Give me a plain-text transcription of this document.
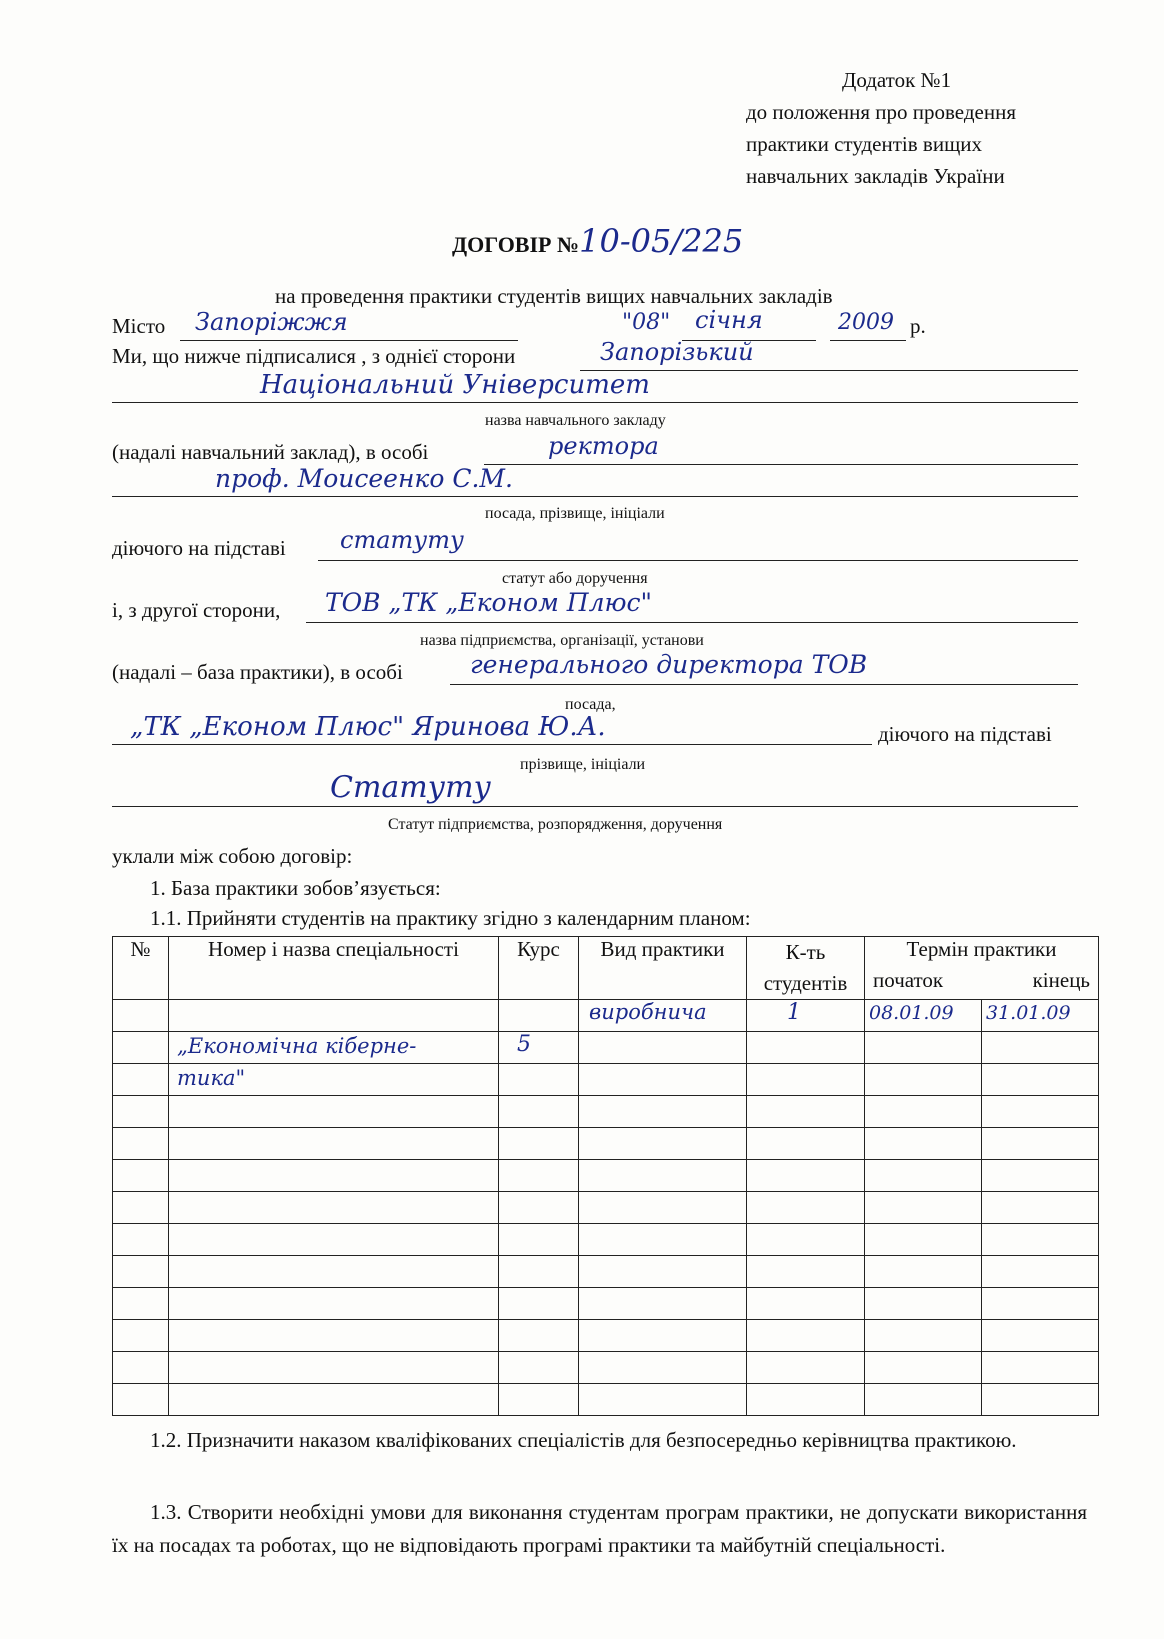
Додаток №1
до положення про проведення
практики студентів вищих
навчальних закладів України
ДОГОВІР №10-05/225
на проведення практики студентів вищих навчальних закладів
Місто Запоріжжя	"08" січня	2009 р.
Ми, що нижче підписалися , з однієї сторони	Запорізький
Національний Університет
назва навчального закладу
(надалі навчальний заклад), в особі	ректора
проф. Моисеенко С.М.
посада, прізвище, ініціали
діючого на підставі статуту
статут або доручення
і, з другої сторони, ТОВ „ТК „Економ Плюс"
назва підприємства, організації, установи
(надалі – база практики), в особі	генерального директора ТОВ
посада,
„ТК „Економ Плюс" Яринова Ю.А.	діючого на підставі
прізвище, ініціали
Статуту
Статут підприємства, розпорядження, доручення
уклали між собою договір:
1. База практики зобов’язується:
1.1. Прийняти студентів на практику згідно з календарним планом:
№	Номер і назва спеціальності	Курс	Вид практики	К-ть студентів	Термін практики
початок кінець	

			виробнича	1	08.01.09	31.01.09

	„Економічна кібернe-	5				

	тика"					

1.2. Призначити наказом кваліфікованих спеціалістів для безпосередньо керівництва практикою.
1.3. Створити необхідні умови для виконання студентам програм практики, не допускати використання їх на посадах та роботах, що не відповідають програмі практики та майбутній спеціальності.
